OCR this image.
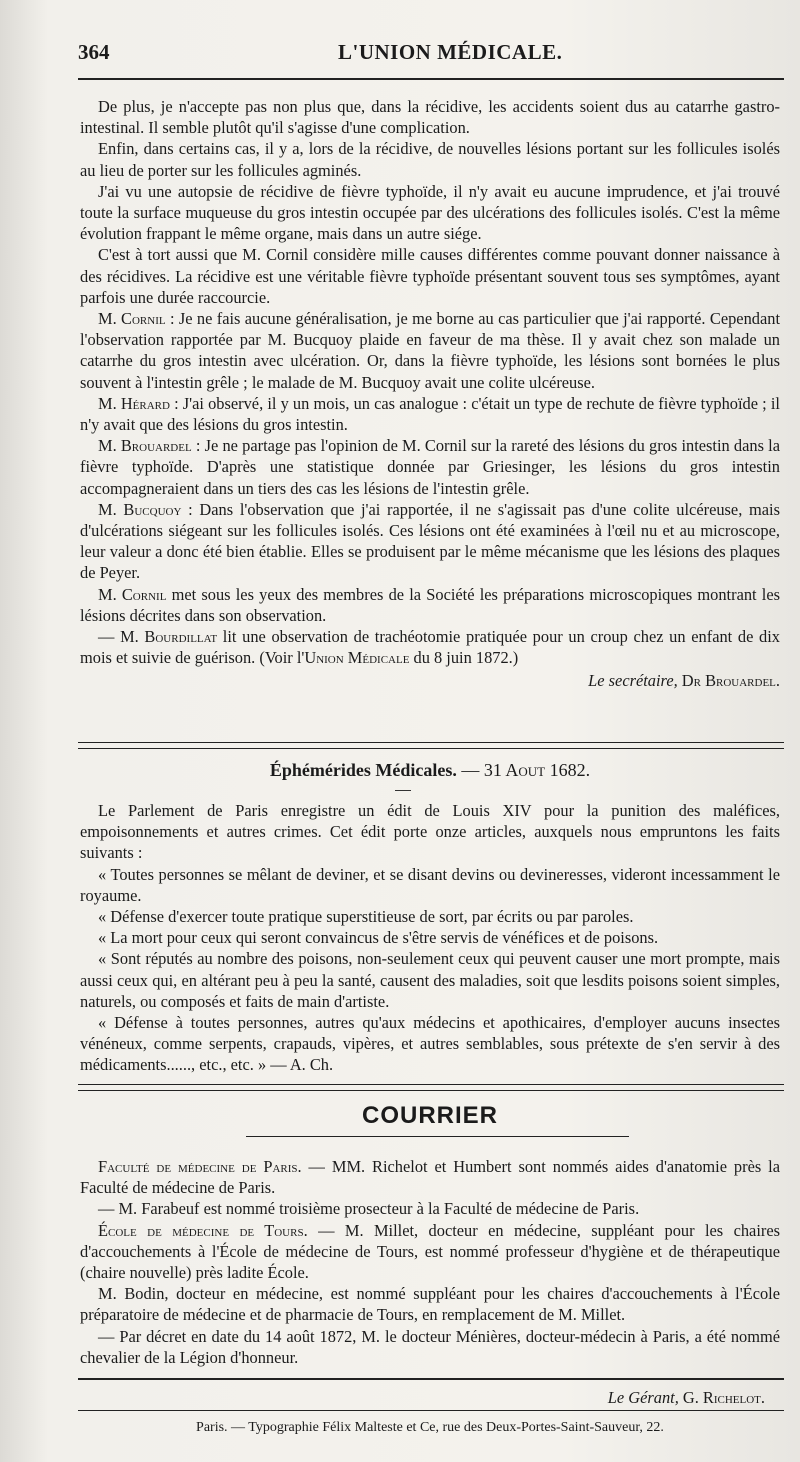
364	L'UNION MÉDICALE.

De plus, je n'accepte pas non plus que, dans la récidive, les accidents soient dus au catarrhe gastro-intestinal. Il semble plutôt qu'il s'agisse d'une complication.

Enfin, dans certains cas, il y a, lors de la récidive, de nouvelles lésions portant sur les follicules isolés au lieu de porter sur les follicules agminés.

J'ai vu une autopsie de récidive de fièvre typhoïde, il n'y avait eu aucune imprudence, et j'ai trouvé toute la surface muqueuse du gros intestin occupée par des ulcérations des follicules isolés. C'est la même évolution frappant le même organe, mais dans un autre siége.

C'est à tort aussi que M. Cornil considère mille causes différentes comme pouvant donner naissance à des récidives. La récidive est une véritable fièvre typhoïde présentant souvent tous ses symptômes, ayant parfois une durée raccourcie.

M. Cornil : Je ne fais aucune généralisation, je me borne au cas particulier que j'ai rapporté. Cependant l'observation rapportée par M. Bucquoy plaide en faveur de ma thèse. Il y avait chez son malade un catarrhe du gros intestin avec ulcération. Or, dans la fièvre typhoïde, les lésions sont bornées le plus souvent à l'intestin grêle ; le malade de M. Bucquoy avait une colite ulcéreuse.

M. Hérard : J'ai observé, il y un mois, un cas analogue : c'était un type de rechute de fièvre typhoïde ; il n'y avait que des lésions du gros intestin.

M. Brouardel : Je ne partage pas l'opinion de M. Cornil sur la rareté des lésions du gros intestin dans la fièvre typhoïde. D'après une statistique donnée par Griesinger, les lésions du gros intestin accompagneraient dans un tiers des cas les lésions de l'intestin grêle.

M. Bucquoy : Dans l'observation que j'ai rapportée, il ne s'agissait pas d'une colite ulcéreuse, mais d'ulcérations siégeant sur les follicules isolés. Ces lésions ont été examinées à l'œil nu et au microscope, leur valeur a donc été bien établie. Elles se produisent par le même mécanisme que les lésions des plaques de Peyer.

M. Cornil met sous les yeux des membres de la Société les préparations microscopiques montrant les lésions décrites dans son observation.

— M. Bourdillat lit une observation de trachéotomie pratiquée pour un croup chez un enfant de dix mois et suivie de guérison. (Voir l'Union Médicale du 8 juin 1872.)

Le secrétaire, Dr Brouardel.
Éphémérides Médicales. — 31 Aout 1682.

Le Parlement de Paris enregistre un édit de Louis XIV pour la punition des maléfices, empoisonnements et autres crimes. Cet édit porte onze articles, auxquels nous empruntons les faits suivants :

« Toutes personnes se mêlant de deviner, et se disant devins ou devineresses, videront incessamment le royaume.

« Défense d'exercer toute pratique superstitieuse de sort, par écrits ou par paroles.

« La mort pour ceux qui seront convaincus de s'être servis de vénéfices et de poisons.

« Sont réputés au nombre des poisons, non-seulement ceux qui peuvent causer une mort prompte, mais aussi ceux qui, en altérant peu à peu la santé, causent des maladies, soit que lesdits poisons soient simples, naturels, ou composés et faits de main d'artiste.

« Défense à toutes personnes, autres qu'aux médecins et apothicaires, d'employer aucuns insectes vénéneux, comme serpents, crapauds, vipères, et autres semblables, sous prétexte de s'en servir à des médicaments......, etc., etc. » — A. Ch.

COURRIER

Faculté de médecine de Paris. — MM. Richelot et Humbert sont nommés aides d'anatomie près la Faculté de médecine de Paris.

— M. Farabeuf est nommé troisième prosecteur à la Faculté de médecine de Paris.

École de médecine de Tours. — M. Millet, docteur en médecine, suppléant pour les chaires d'accouchements à l'École de médecine de Tours, est nommé professeur d'hygiène et de thérapeutique (chaire nouvelle) près ladite École.

M. Bodin, docteur en médecine, est nommé suppléant pour les chaires d'accouchements à l'École préparatoire de médecine et de pharmacie de Tours, en remplacement de M. Millet.

— Par décret en date du 14 août 1872, M. le docteur Ménières, docteur-médecin à Paris, a été nommé chevalier de la Légion d'honneur.

Le Gérant, G. Richelot.
Paris. — Typographie Félix Malteste et Ce, rue des Deux-Portes-Saint-Sauveur, 22.
